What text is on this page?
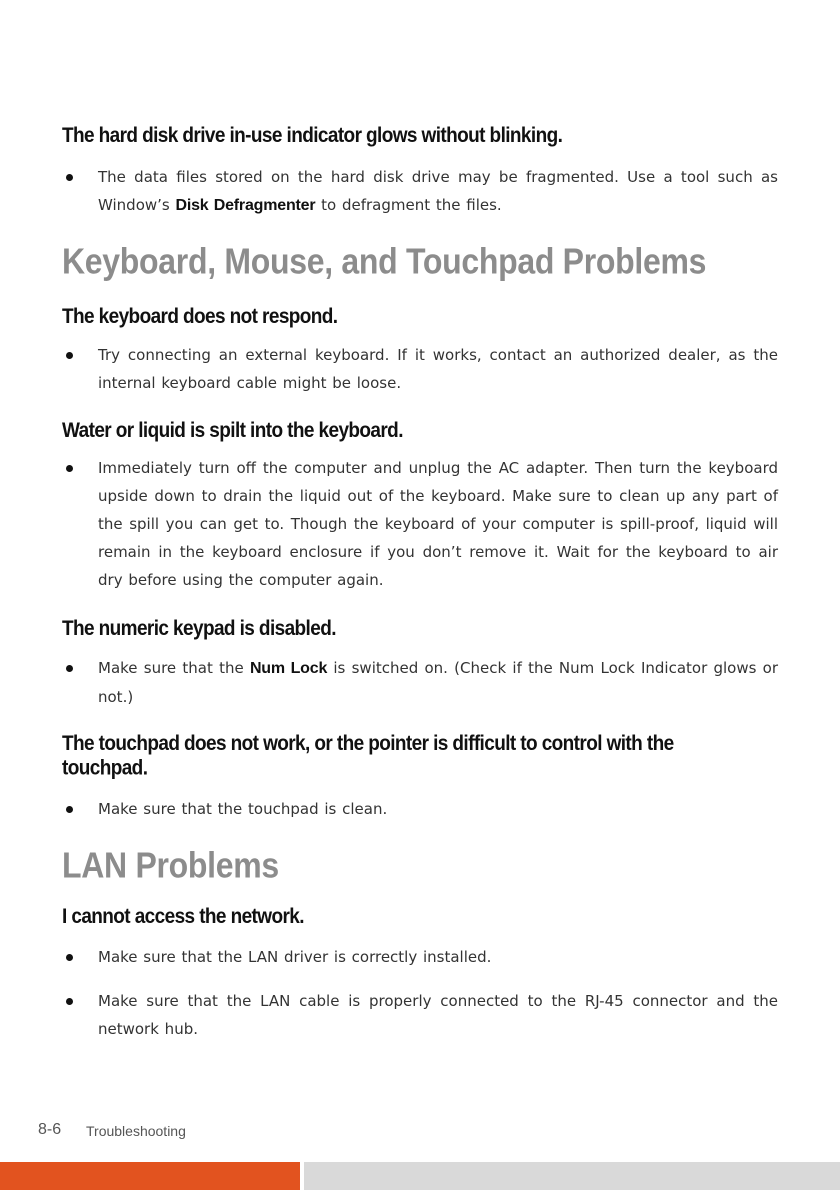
The hard disk drive in-use indicator glows without blinking.
The data files stored on the hard disk drive may be fragmented. Use a tool such as Window’s Disk Defragmenter to defragment the files.
Keyboard, Mouse, and Touchpad Problems
The keyboard does not respond.
Try connecting an external keyboard. If it works, contact an authorized dealer, as the internal keyboard cable might be loose.
Water or liquid is spilt into the keyboard.
Immediately turn off the computer and unplug the AC adapter. Then turn the keyboard upside down to drain the liquid out of the keyboard. Make sure to clean up any part of the spill you can get to. Though the keyboard of your computer is spill-proof, liquid will remain in the keyboard enclosure if you don’t remove it. Wait for the keyboard to air dry before using the computer again.
The numeric keypad is disabled.
Make sure that the Num Lock is switched on. (Check if the Num Lock Indicator glows or not.)
The touchpad does not work, or the pointer is difficult to control with the
touchpad.
Make sure that the touchpad is clean.
LAN Problems
I cannot access the network.
Make sure that the LAN driver is correctly installed.
Make sure that the LAN cable is properly connected to the RJ-45 connector and the network hub.
8-6 Troubleshooting
